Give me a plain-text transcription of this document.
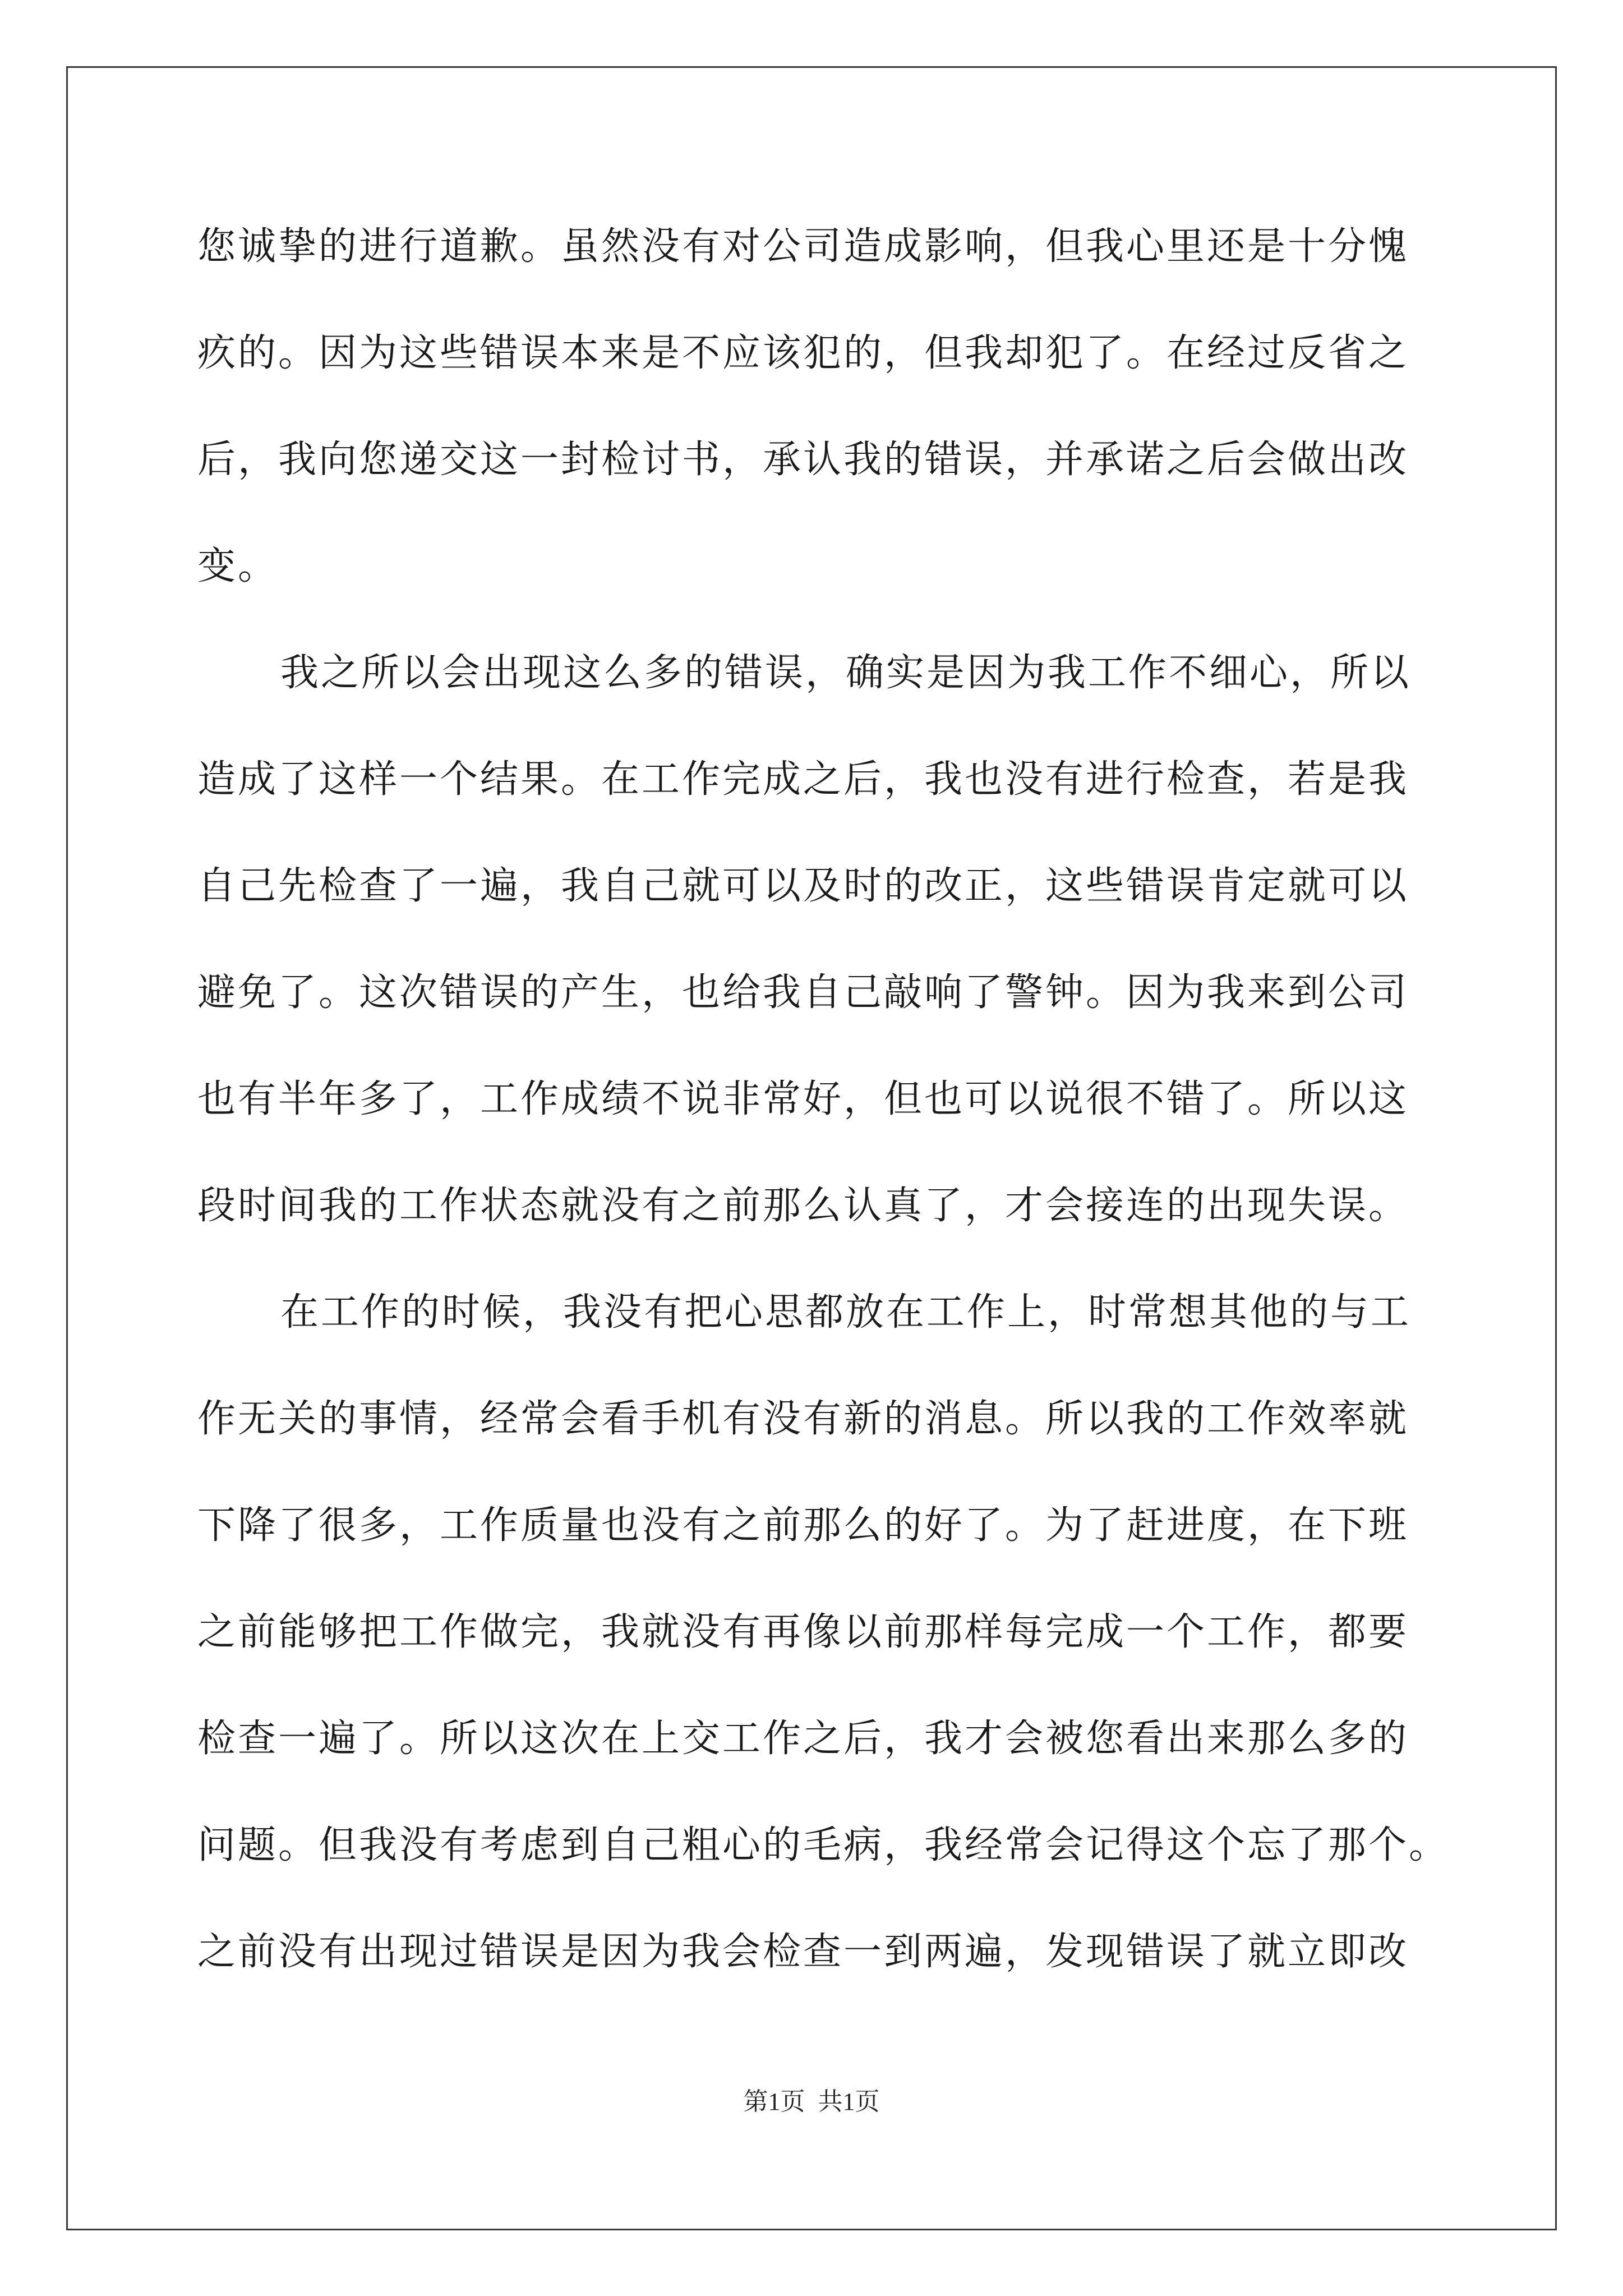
您诚挚的进行道歉。虽然没有对公司造成影响，但我心里还是十分愧
疚的。因为这些错误本来是不应该犯的，但我却犯了。在经过反省之
后，我向您递交这一封检讨书，承认我的错误，并承诺之后会做出改
变。
我之所以会出现这么多的错误，确实是因为我工作不细心，所以
造成了这样一个结果。在工作完成之后，我也没有进行检查，若是我
自己先检查了一遍，我自己就可以及时的改正，这些错误肯定就可以
避免了。这次错误的产生，也给我自己敲响了警钟。因为我来到公司
也有半年多了，工作成绩不说非常好，但也可以说很不错了。所以这
段时间我的工作状态就没有之前那么认真了，才会接连的出现失误。
在工作的时候，我没有把心思都放在工作上，时常想其他的与工
作无关的事情，经常会看手机有没有新的消息。所以我的工作效率就
下降了很多，工作质量也没有之前那么的好了。为了赶进度，在下班
之前能够把工作做完，我就没有再像以前那样每完成一个工作，都要
检查一遍了。所以这次在上交工作之后，我才会被您看出来那么多的
问题。但我没有考虑到自己粗心的毛病，我经常会记得这个忘了那个。
之前没有出现过错误是因为我会检查一到两遍，发现错误了就立即改
第1页 共1页
